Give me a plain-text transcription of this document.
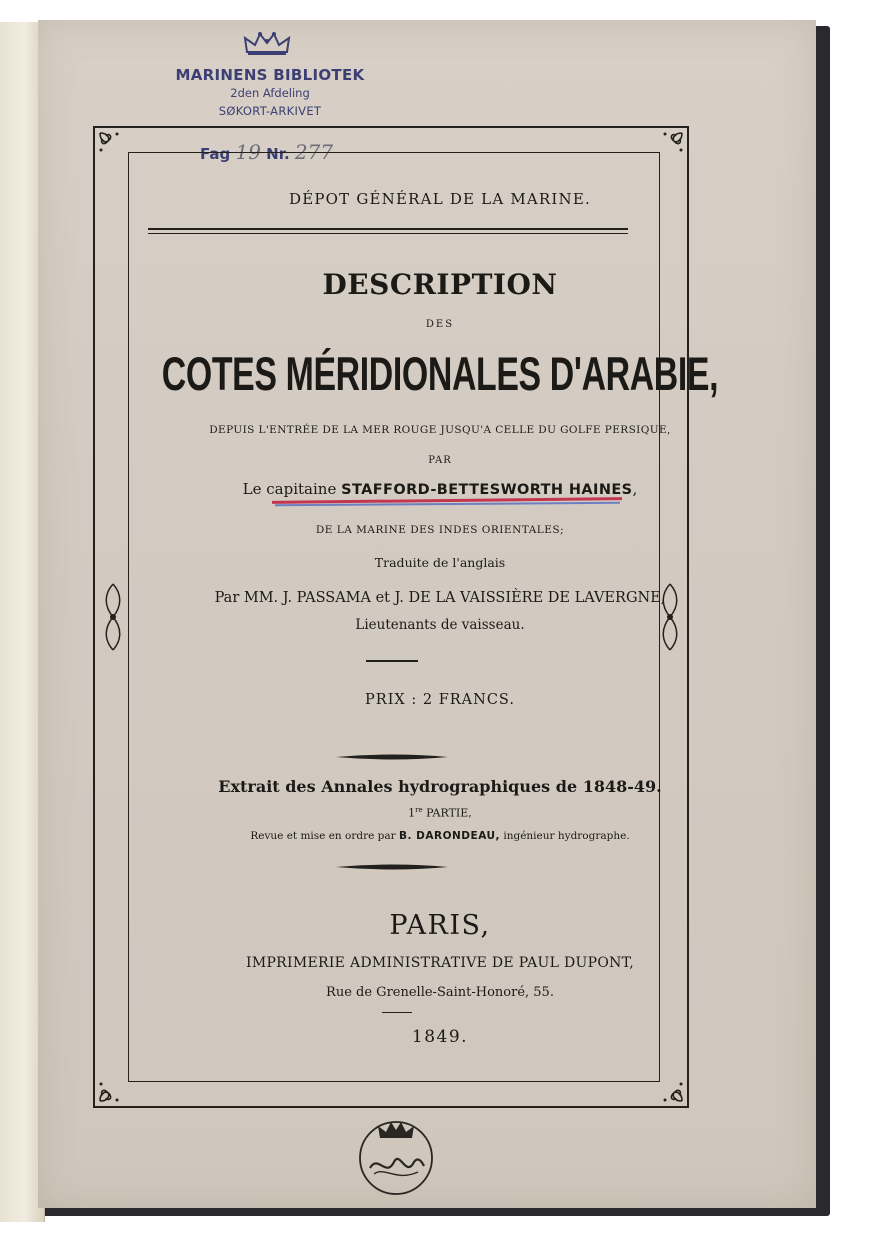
MARINENS BIBLIOTEK
2den Afdeling
SØKORT-ARKIVET
Fag 19 Nr. 277
DÉPOT GÉNÉRAL DE LA MARINE.
DESCRIPTION
DES
COTES MÉRIDIONALES D'ARABIE,
DEPUIS L'ENTRÉE DE LA MER ROUGE JUSQU'A CELLE DU GOLFE PERSIQUE,
PAR
Le capitaine STAFFORD-BETTESWORTH HAINES,
DE LA MARINE DES INDES ORIENTALES;
Traduite de l'anglais
Par MM. J. PASSAMA et J. DE LA VAISSIÈRE DE LAVERGNE,
Lieutenants de vaisseau.
PRIX : 2 FRANCS.
Extrait des Annales hydrographiques de 1848-49.
1re PARTIE,
Revue et mise en ordre par B. DARONDEAU, ingénieur hydrographe.
PARIS,
IMPRIMERIE ADMINISTRATIVE DE PAUL DUPONT,
Rue de Grenelle-Saint-Honoré, 55.
1849.
